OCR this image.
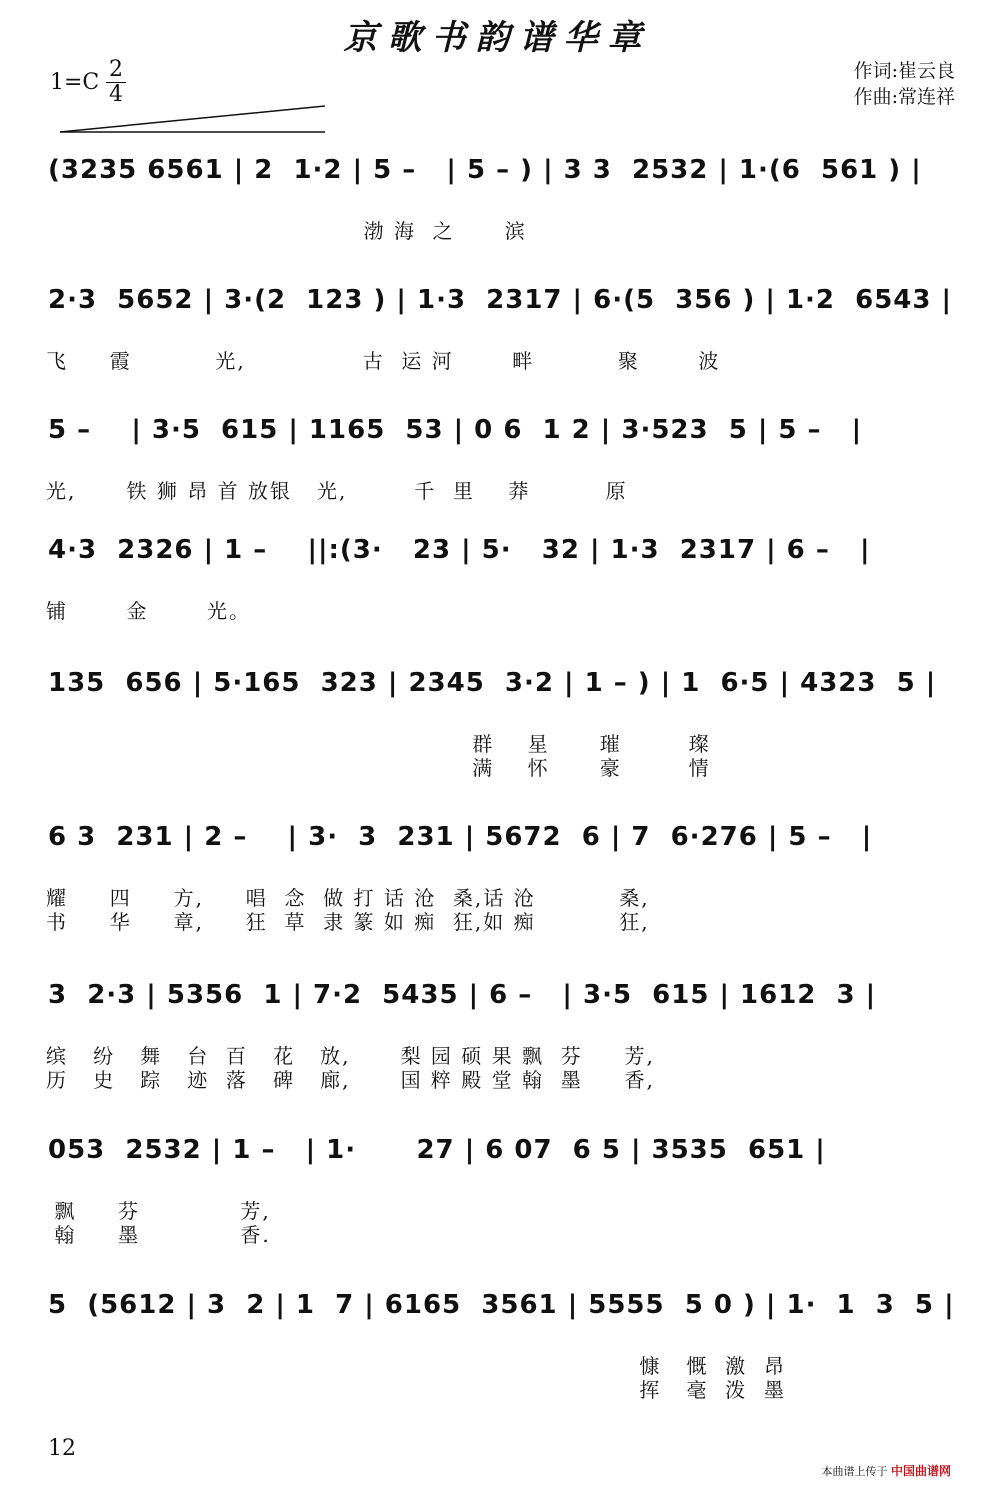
京歌书韵谱华章
1=C
2
4
作词:崔云良
作曲:常连祥
(3235 6561 | 2  1·2 | 5 –   | 5 – ) | 3 3  2532 | 1·(6  561 ) |
渤 海  之      滨
2·3  5652 | 3·(2  123 ) | 1·3  2317 | 6·(5  356 ) | 1·2  6543 |
飞     霞          光,              古  运 河       畔          聚       波
5 –    | 3·5  615 | 1165  53 | 0 6  1 2 | 3·523  5 | 5 –   |
光,      铁 狮 昂 首 放银   光,        千  里    莽         原
4·3  2326 | 1 –    ||:(3·   23 | 5·   32 | 1·3  2317 | 6 –   |
铺       金       光。
135  656 | 5·165  323 | 2345  3·2 | 1 – ) | 1  6·5 | 4323  5 |
群    星      璀        璨
满    怀      豪        情
6 3  231 | 2 –    | 3·  3  231 | 5672  6 | 7  6·276 | 5 –   |
耀     四     方,     唱  念  做 打 话 沧  桑,话 沧          桑,
书     华     章,     狂  草  隶 篆 如 痴  狂,如 痴          狂,
3  2·3 | 5356  1 | 7·2  5435 | 6 –   | 3·5  615 | 1612  3 |
缤   纷   舞   台  百   花   放,      梨 园 硕 果 飘  芬     芳,
历   史   踪   迹  落   碑   廊,      国 粹 殿 堂 翰  墨     香,
053  2532 | 1 –   | 1·      27 | 6 07  6 5 | 3535  651 |
飘     芬            芳,
翰     墨            香.
5  (5612 | 3  2 | 1  7 | 6165  3561 | 5555  5 0 ) | 1·  1  3  5 |
慷   慨  激  昂
挥   毫  泼  墨
12
本曲谱上传于 中国曲谱网
